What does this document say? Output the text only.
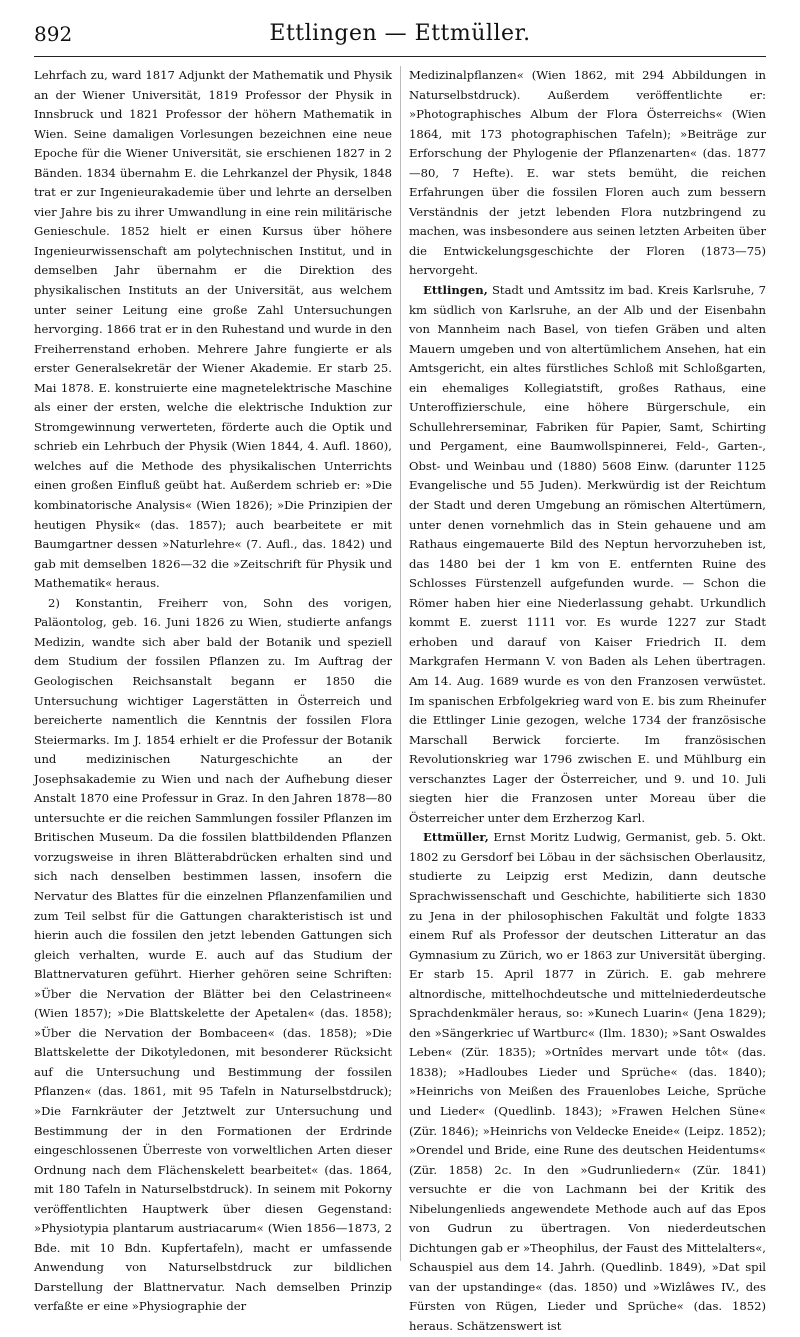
892	Ettlingen — Ettmüller.

Lehrfach zu, ward 1817 Adjunkt der Mathematik und Physik an der Wiener Universität, 1819 Professor der Physik in Innsbruck und 1821 Professor der höhern Mathematik in Wien. Seine damaligen Vorlesungen bezeichnen eine neue Epoche für die Wiener Universität, sie erschienen 1827 in 2 Bänden. 1834 übernahm E. die Lehrkanzel der Physik, 1848 trat er zur Ingenieurakademie über und lehrte an derselben vier Jahre bis zu ihrer Umwandlung in eine rein militärische Genieschule. 1852 hielt er einen Kursus über höhere Ingenieurwissenschaft am polytechnischen Institut, und in demselben Jahr übernahm er die Direktion des physikalischen Instituts an der Universität, aus welchem unter seiner Leitung eine große Zahl Untersuchungen hervorging. 1866 trat er in den Ruhestand und wurde in den Freiherrenstand erhoben. Mehrere Jahre fungierte er als erster Generalsekretär der Wiener Akademie. Er starb 25. Mai 1878. E. konstruierte eine magnetelektrische Maschine als einer der ersten, welche die elektrische Induktion zur Stromgewinnung verwerteten, förderte auch die Optik und schrieb ein Lehrbuch der Physik (Wien 1844, 4. Aufl. 1860), welches auf die Methode des physikalischen Unterrichts einen großen Einfluß geübt hat. Außerdem schrieb er: »Die kombinatorische Analysis« (Wien 1826); »Die Prinzipien der heutigen Physik« (das. 1857); auch bearbeitete er mit Baumgartner dessen »Naturlehre« (7. Aufl., das. 1842) und gab mit demselben 1826—32 die »Zeitschrift für Physik und Mathematik« heraus.

2) Konstantin, Freiherr von, Sohn des vorigen, Paläontolog, geb. 16. Juni 1826 zu Wien, studierte anfangs Medizin, wandte sich aber bald der Botanik und speziell dem Studium der fossilen Pflanzen zu. Im Auftrag der Geologischen Reichsanstalt begann er 1850 die Untersuchung wichtiger Lagerstätten in Österreich und bereicherte namentlich die Kenntnis der fossilen Flora Steiermarks. Im J. 1854 erhielt er die Professur der Botanik und medizinischen Naturgeschichte an der Josephsakademie zu Wien und nach der Aufhebung dieser Anstalt 1870 eine Professur in Graz. In den Jahren 1878—80 untersuchte er die reichen Sammlungen fossiler Pflanzen im Britischen Museum. Da die fossilen blattbildenden Pflanzen vorzugsweise in ihren Blätterabdrücken erhalten sind und sich nach denselben bestimmen lassen, insofern die Nervatur des Blattes für die einzelnen Pflanzenfamilien und zum Teil selbst für die Gattungen charakteristisch ist und hierin auch die fossilen den jetzt lebenden Gattungen sich gleich verhalten, wurde E. auch auf das Studium der Blattnervaturen geführt. Hierher gehören seine Schriften: »Über die Nervation der Blätter bei den Celastrineen« (Wien 1857); »Die Blattskelette der Apetalen« (das. 1858); »Über die Nervation der Bombaceen« (das. 1858); »Die Blattskelette der Dikotyledonen, mit besonderer Rücksicht auf die Untersuchung und Bestimmung der fossilen Pflanzen« (das. 1861, mit 95 Tafeln in Naturselbstdruck); »Die Farnkräuter der Jetztwelt zur Untersuchung und Bestimmung der in den Formationen der Erdrinde eingeschlossenen Überreste von vorweltlichen Arten dieser Ordnung nach dem Flächenskelett bearbeitet« (das. 1864, mit 180 Tafeln in Naturselbstdruck). In seinem mit Pokorny veröffentlichten Hauptwerk über diesen Gegenstand: »Physiotypia plantarum austriacarum« (Wien 1856—1873, 2 Bde. mit 10 Bdn. Kupfertafeln), macht er umfassende Anwendung von Naturselbstdruck zur bildlichen Darstellung der Blattnervatur. Nach demselben Prinzip verfaßte er eine »Physiographie der

Medizinalpflanzen« (Wien 1862, mit 294 Abbildungen in Naturselbstdruck). Außerdem veröffentlichte er: »Photographisches Album der Flora Österreichs« (Wien 1864, mit 173 photographischen Tafeln); »Beiträge zur Erforschung der Phylogenie der Pflanzenarten« (das. 1877—80, 7 Hefte). E. war stets bemüht, die reichen Erfahrungen über die fossilen Floren auch zum bessern Verständnis der jetzt lebenden Flora nutzbringend zu machen, was insbesondere aus seinen letzten Arbeiten über die Entwickelungsgeschichte der Floren (1873—75) hervorgeht.

Ettlingen, Stadt und Amtssitz im bad. Kreis Karlsruhe, 7 km südlich von Karlsruhe, an der Alb und der Eisenbahn von Mannheim nach Basel, von tiefen Gräben und alten Mauern umgeben und von altertümlichem Ansehen, hat ein Amtsgericht, ein altes fürstliches Schloß mit Schloßgarten, ein ehemaliges Kollegiatstift, großes Rathaus, eine Unteroffizierschule, eine höhere Bürgerschule, ein Schullehrerseminar, Fabriken für Papier, Samt, Schirting und Pergament, eine Baumwollspinnerei, Feld-, Garten-, Obst- und Weinbau und (1880) 5608 Einw. (darunter 1125 Evangelische und 55 Juden). Merkwürdig ist der Reichtum der Stadt und deren Umgebung an römischen Altertümern, unter denen vornehmlich das in Stein gehauene und am Rathaus eingemauerte Bild des Neptun hervorzuheben ist, das 1480 bei der 1 km von E. entfernten Ruine des Schlosses Fürstenzell aufgefunden wurde. — Schon die Römer haben hier eine Niederlassung gehabt. Urkundlich kommt E. zuerst 1111 vor. Es wurde 1227 zur Stadt erhoben und darauf von Kaiser Friedrich II. dem Markgrafen Hermann V. von Baden als Lehen übertragen. Am 14. Aug. 1689 wurde es von den Franzosen verwüstet. Im spanischen Erbfolgekrieg ward von E. bis zum Rheinufer die Ettlinger Linie gezogen, welche 1734 der französische Marschall Berwick forcierte. Im französischen Revolutionskrieg war 1796 zwischen E. und Mühlburg ein verschanztes Lager der Österreicher, und 9. und 10. Juli siegten hier die Franzosen unter Moreau über die Österreicher unter dem Erzherzog Karl.

Ettmüller, Ernst Moritz Ludwig, Germanist, geb. 5. Okt. 1802 zu Gersdorf bei Löbau in der sächsischen Oberlausitz, studierte zu Leipzig erst Medizin, dann deutsche Sprachwissenschaft und Geschichte, habilitierte sich 1830 zu Jena in der philosophischen Fakultät und folgte 1833 einem Ruf als Professor der deutschen Litteratur an das Gymnasium zu Zürich, wo er 1863 zur Universität überging. Er starb 15. April 1877 in Zürich. E. gab mehrere altnordische, mittelhochdeutsche und mittelniederdeutsche Sprachdenkmäler heraus, so: »Kunech Luarin« (Jena 1829); den »Sängerkriec uf Wartburc« (Ilm. 1830); »Sant Oswaldes Leben« (Zür. 1835); »Ortnîdes mervart unde tôt« (das. 1838); »Hadloubes Lieder und Sprüche« (das. 1840); »Heinrichs von Meißen des Frauenlobes Leiche, Sprüche und Lieder« (Quedlinb. 1843); »Frawen Helchen Süne« (Zür. 1846); »Heinrichs von Veldecke Eneide« (Leipz. 1852); »Orendel und Bride, eine Rune des deutschen Heidentums« (Zür. 1858) 2c. In den »Gudrunliedern« (Zür. 1841) versuchte er die von Lachmann bei der Kritik des Nibelungenlieds angewendete Methode auch auf das Epos von Gudrun zu übertragen. Von niederdeutschen Dichtungen gab er »Theophilus, der Faust des Mittelalters«, Schauspiel aus dem 14. Jahrh. (Quedlinb. 1849), »Dat spil van der upstandinge« (das. 1850) und »Wizlâwes IV., des Fürsten von Rügen, Lieder und Sprüche« (das. 1852) heraus. Schätzenswert ist
